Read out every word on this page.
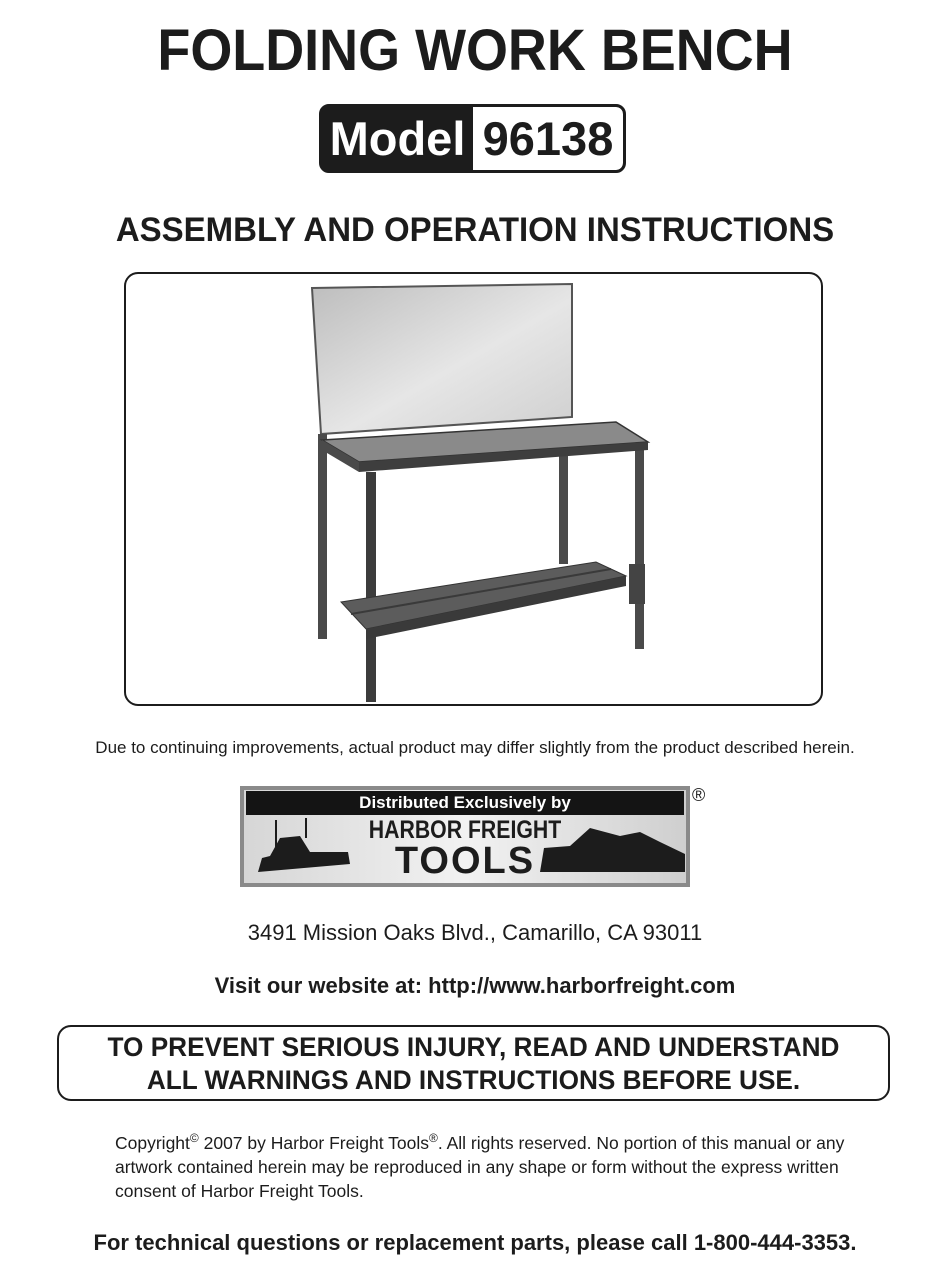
FOLDING WORK BENCH
Model 96138
ASSEMBLY AND OPERATION INSTRUCTIONS
Due to continuing improvements, actual product may differ slightly from the product described herein.
Distributed Exclusively by
HARBOR FREIGHT
TOOLS
®
3491 Mission Oaks Blvd., Camarillo, CA 93011
Visit our website at: http://www.harborfreight.com
TO PREVENT SERIOUS INJURY, READ AND UNDERSTAND
ALL WARNINGS AND INSTRUCTIONS BEFORE USE.
Copyright© 2007 by Harbor Freight Tools®. All rights reserved. No portion of this manual or any artwork contained herein may be reproduced in any shape or form without the express written consent of Harbor Freight Tools.
For technical questions or replacement parts, please call 1-800-444-3353.
